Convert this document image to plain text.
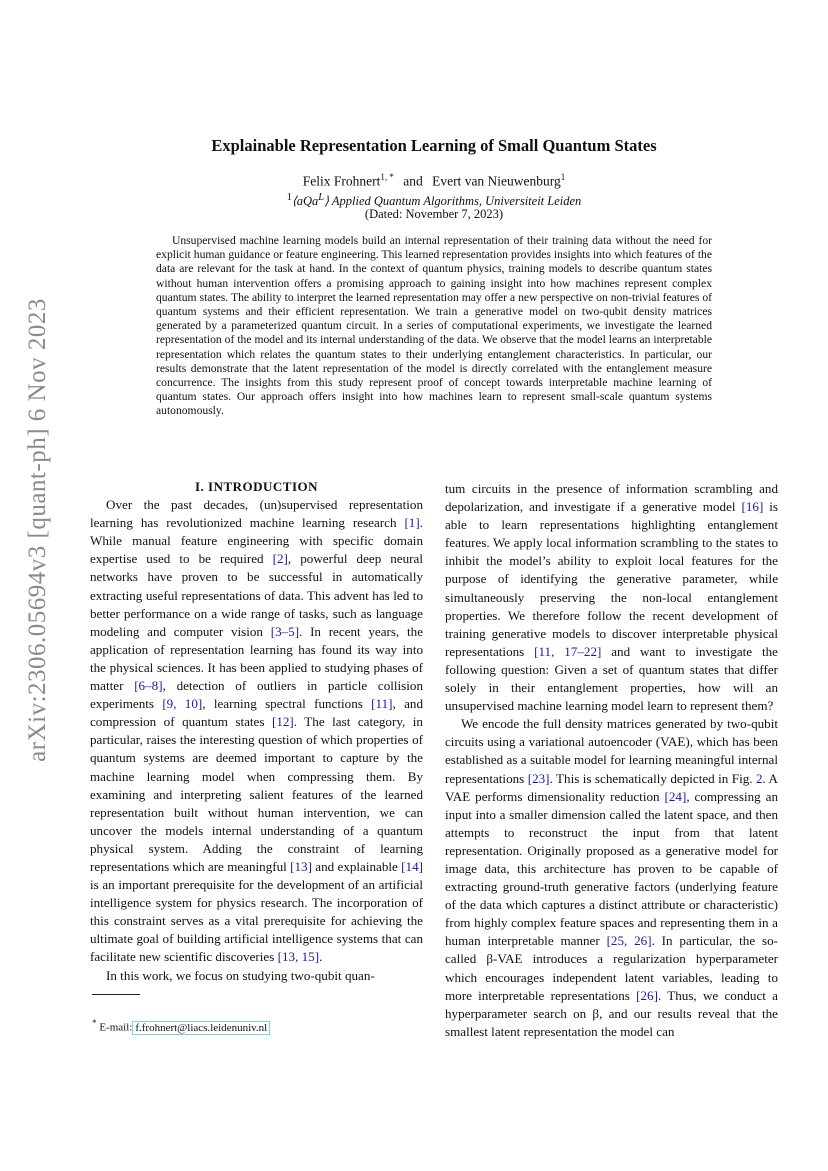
arXiv:2306.05694v3 [quant-ph] 6 Nov 2023
Explainable Representation Learning of Small Quantum States
Felix Frohnert$^{1, *}$ and Evert van Nieuwenburg$^1$
$^1$⟨aQa$^L$⟩ Applied Quantum Algorithms, Universiteit Leiden
(Dated: November 7, 2023)

Unsupervised machine learning models build an internal representation of their training data without the need for explicit human guidance or feature engineering. This learned representation provides insights into which features of the data are relevant for the task at hand. In the context of quantum physics, training models to describe quantum states without human intervention offers a promising approach to gaining insight into how machines represent complex quantum states. The ability to interpret the learned representation may offer a new perspective on non-trivial features of quantum systems and their efficient representation. We train a generative model on two-qubit density matrices generated by a parameterized quantum circuit. In a series of computational experiments, we investigate the learned representation of the model and its internal understanding of the data. We observe that the model learns an interpretable representation which relates the quantum states to their underlying entanglement characteristics. In particular, our results demonstrate that the latent representation of the model is directly correlated with the entanglement measure concurrence. The insights from this study represent proof of concept towards interpretable machine learning of quantum states. Our approach offers insight into how machines learn to represent small-scale quantum systems autonomously.

I. INTRODUCTION

Over the past decades, (un)supervised representation learning has revolutionized machine learning research [1]. While manual feature engineering with specific domain expertise used to be required [2], powerful deep neural networks have proven to be successful in automatically extracting useful representations of data. This advent has led to better performance on a wide range of tasks, such as language modeling and computer vision [3–5]. In recent years, the application of representation learning has found its way into the physical sciences. It has been applied to studying phases of matter [6–8], detection of outliers in particle collision experiments [9, 10], learning spectral functions [11], and compression of quantum states [12]. The last category, in particular, raises the interesting question of which properties of quantum systems are deemed important to capture by the machine learning model when compressing them. By examining and interpreting salient features of the learned representation built without human intervention, we can uncover the models internal understanding of a quantum physical system. Adding the constraint of learning representations which are meaningful [13] and explainable [14] is an important prerequisite for the development of an artificial intelligence system for physics research. The incorporation of this constraint serves as a vital prerequisite for achieving the ultimate goal of building artificial intelligence systems that can facilitate new scientific discoveries [13, 15].

In this work, we focus on studying two-qubit quan-

* E-mail: f.frohnert@liacs.leidenuniv.nl

tum circuits in the presence of information scrambling and depolarization, and investigate if a generative model [16] is able to learn representations highlighting entanglement features. We apply local information scrambling to the states to inhibit the model’s ability to exploit local features for the purpose of identifying the generative parameter, while simultaneously preserving the non-local entanglement properties. We therefore follow the recent development of training generative models to discover interpretable physical representations [11, 17–22] and want to investigate the following question: Given a set of quantum states that differ solely in their entanglement properties, how will an unsupervised machine learning model learn to represent them?

We encode the full density matrices generated by two-qubit circuits using a variational autoencoder (VAE), which has been established as a suitable model for learning meaningful internal representations [23]. This is schematically depicted in Fig. 2. A VAE performs dimensionality reduction [24], compressing an input into a smaller dimension called the latent space, and then attempts to reconstruct the input from that latent representation. Originally proposed as a generative model for image data, this architecture has proven to be capable of extracting ground-truth generative factors (underlying feature of the data which captures a distinct attribute or characteristic) from highly complex feature spaces and representing them in a human interpretable manner [25, 26]. In particular, the so-called β-VAE introduces a regularization hyperparameter which encourages independent latent variables, leading to more interpretable representations [26]. Thus, we conduct a hyperparameter search on β, and our results reveal that the smallest latent representation the model can
